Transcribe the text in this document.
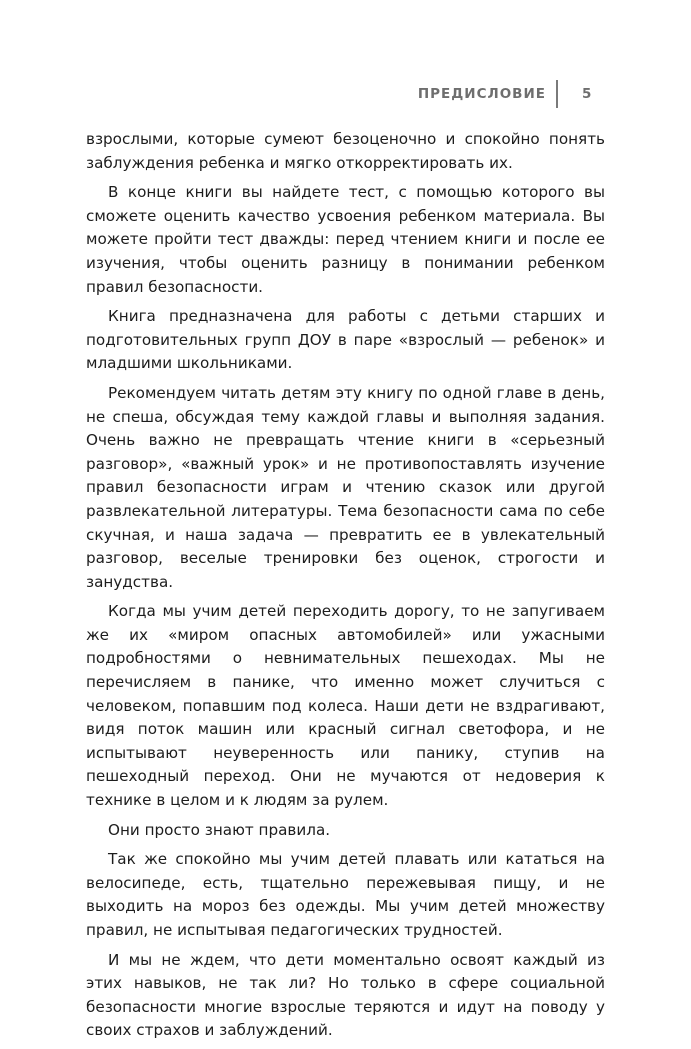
ПРЕДИСЛОВИЕ	5

взрослыми, которые сумеют безоценочно и спокойно понять заблуждения ребенка и мягко откорректировать их.

В конце книги вы найдете тест, с помощью которого вы сможете оценить качество усвоения ребенком материала. Вы можете пройти тест дважды: перед чтением книги и после ее изучения, чтобы оценить разницу в понимании ребенком правил безопасности.

Книга предназначена для работы с детьми старших и подготовительных групп ДОУ в паре «взрослый — ребенок» и младшими школьниками.

Рекомендуем читать детям эту книгу по одной главе в день, не спеша, обсуждая тему каждой главы и выполняя задания. Очень важно не превращать чтение книги в «серьезный разговор», «важный урок» и не противопоставлять изучение правил безопасности играм и чтению сказок или другой развлекательной литературы. Тема безопасности сама по себе скучная, и наша задача — превратить ее в увлекательный разговор, веселые тренировки без оценок, строгости и занудства.

Когда мы учим детей переходить дорогу, то не запугиваем же их «миром опасных автомобилей» или ужасными подробностями о невнимательных пешеходах. Мы не перечисляем в панике, что именно может случиться с человеком, попавшим под колеса. Наши дети не вздрагивают, видя поток машин или красный сигнал светофора, и не испытывают неуверенность или панику, ступив на пешеходный переход. Они не мучаются от недоверия к технике в целом и к людям за рулем.

Они просто знают правила.

Так же спокойно мы учим детей плавать или кататься на велосипеде, есть, тщательно пережевывая пищу, и не выходить на мороз без одежды. Мы учим детей множеству правил, не испытывая педагогических трудностей.

И мы не ждем, что дети моментально освоят каждый из этих навыков, не так ли? Но только в сфере социальной безопасности многие взрослые теряются и идут на поводу у своих страхов и заблуждений.
